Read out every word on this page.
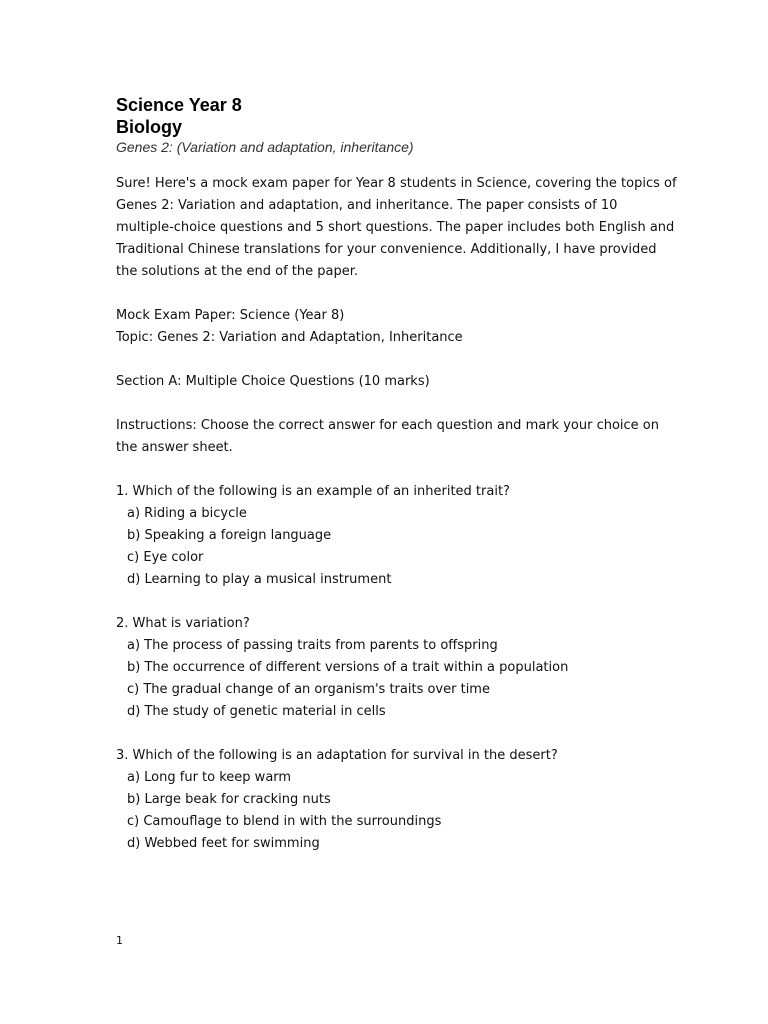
Science Year 8
Biology
Genes 2: (Variation and adaptation, inheritance)
Sure! Here's a mock exam paper for Year 8 students in Science, covering the topics of
Genes 2: Variation and adaptation, and inheritance. The paper consists of 10
multiple-choice questions and 5 short questions. The paper includes both English and
Traditional Chinese translations for your convenience. Additionally, I have provided
the solutions at the end of the paper.
Mock Exam Paper: Science (Year 8)
Topic: Genes 2: Variation and Adaptation, Inheritance
Section A: Multiple Choice Questions (10 marks)
Instructions: Choose the correct answer for each question and mark your choice on
the answer sheet.
1. Which of the following is an example of an inherited trait?
a) Riding a bicycle
b) Speaking a foreign language
c) Eye color
d) Learning to play a musical instrument
2. What is variation?
a) The process of passing traits from parents to offspring
b) The occurrence of different versions of a trait within a population
c) The gradual change of an organism's traits over time
d) The study of genetic material in cells
3. Which of the following is an adaptation for survival in the desert?
a) Long fur to keep warm
b) Large beak for cracking nuts
c) Camouflage to blend in with the surroundings
d) Webbed feet for swimming
1
